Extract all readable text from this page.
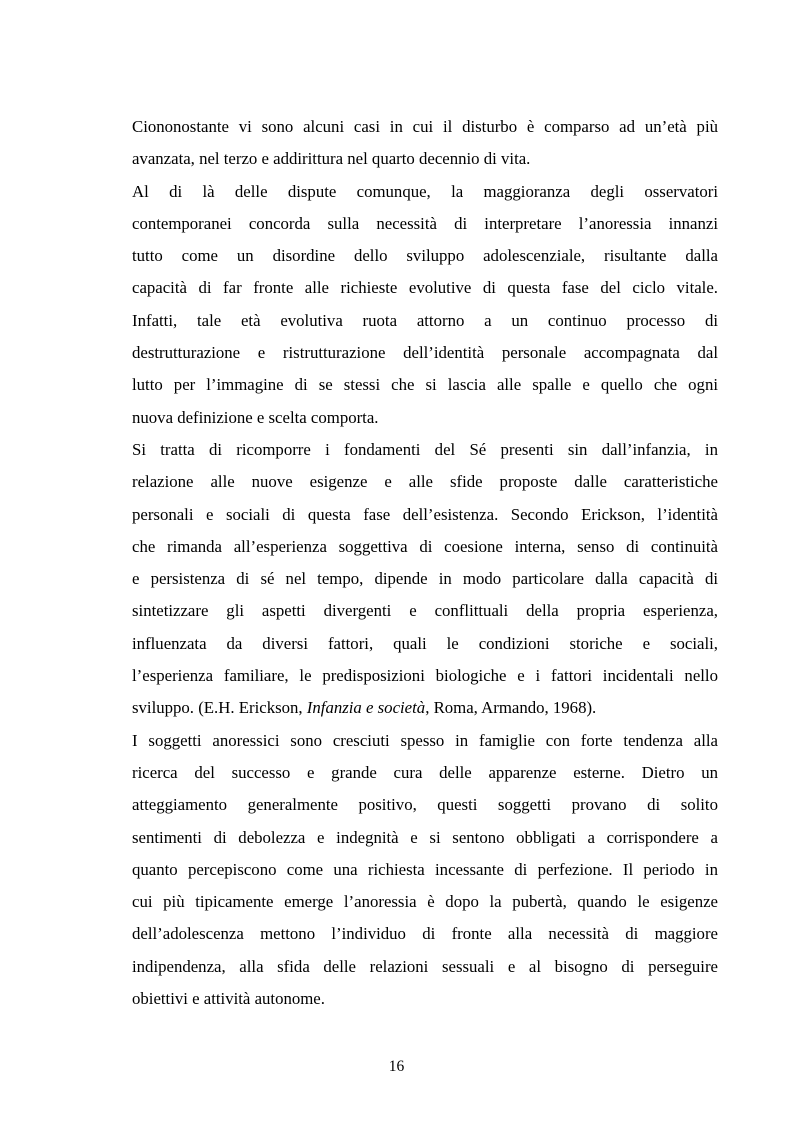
Ciononostante vi sono alcuni casi in cui il disturbo è comparso ad un’età più
avanzata, nel terzo e addirittura nel quarto decennio di vita.
Al di là delle dispute comunque, la maggioranza degli osservatori
contemporanei concorda sulla necessità di interpretare l’anoressia innanzi
tutto come un disordine dello sviluppo adolescenziale, risultante dalla
capacità di far fronte alle richieste evolutive di questa fase del ciclo vitale.
Infatti, tale età evolutiva ruota attorno a un continuo processo di
destrutturazione e ristrutturazione dell’identità personale accompagnata dal
lutto per l’immagine di se stessi che si lascia alle spalle e quello che ogni
nuova definizione e scelta comporta.
Si tratta di ricomporre i fondamenti del Sé presenti sin dall’infanzia, in
relazione alle nuove esigenze e alle sfide proposte dalle caratteristiche
personali e sociali di questa fase dell’esistenza. Secondo Erickson, l’identità
che rimanda all’esperienza soggettiva di coesione interna, senso di continuità
e persistenza di sé nel tempo, dipende in modo particolare dalla capacità di
sintetizzare gli aspetti divergenti e conflittuali della propria esperienza,
influenzata da diversi fattori, quali le condizioni storiche e sociali,
l’esperienza familiare, le predisposizioni biologiche e i fattori incidentali nello
sviluppo. (E.H. Erickson, Infanzia e società, Roma, Armando, 1968).
I soggetti anoressici sono cresciuti spesso in famiglie con forte tendenza alla
ricerca del successo e grande cura delle apparenze esterne. Dietro un
atteggiamento generalmente positivo, questi soggetti provano di solito
sentimenti di debolezza e indegnità e si sentono obbligati a corrispondere a
quanto percepiscono come una richiesta incessante di perfezione. Il periodo in
cui più tipicamente emerge l’anoressia è dopo la pubertà, quando le esigenze
dell’adolescenza mettono l’individuo di fronte alla necessità di maggiore
indipendenza, alla sfida delle relazioni sessuali e al bisogno di perseguire
obiettivi e attività autonome.
16
